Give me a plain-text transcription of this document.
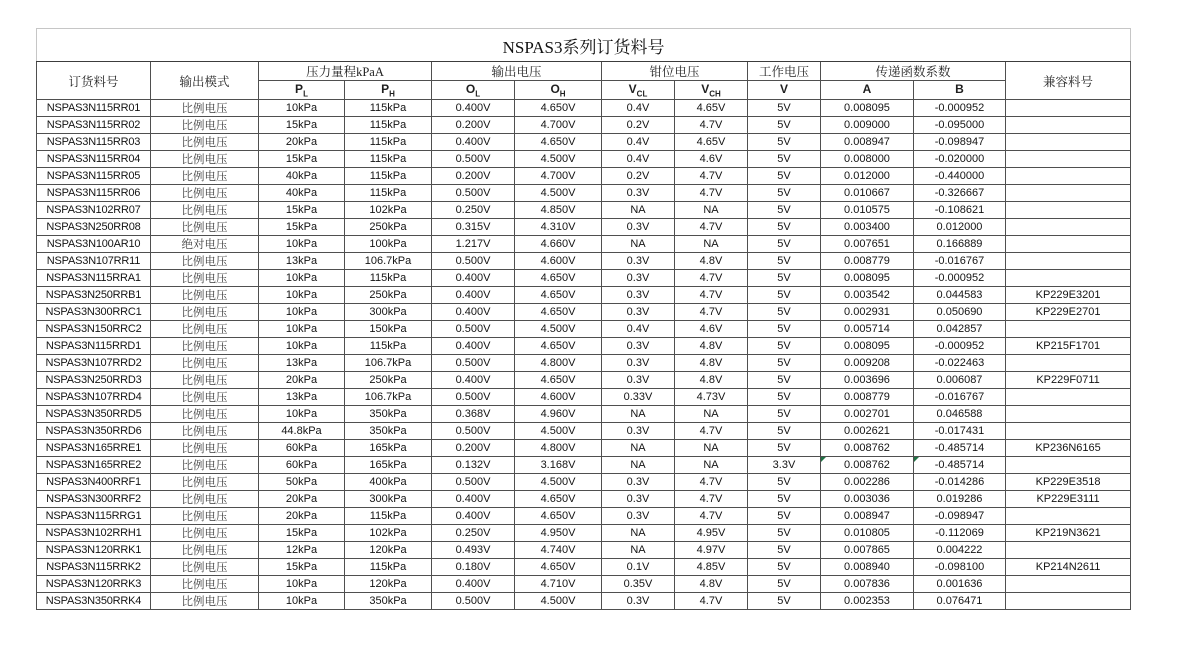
NSPAS3系列订货料号											
订货料号	输出模式	压力量程kPaA		输出电压		钳位电压		工作电压	传递函数系数		兼容料号
		$P_L$	$P_H$	$O_L$	$O_H$	$V_{CL}$	$V_{CH}$	V	A	B	
NSPAS3N115RR01	比例电压	10kPa	115kPa	0.400V	4.650V	0.4V	4.65V	5V	0.008095	-0.000952	
NSPAS3N115RR02	比例电压	15kPa	115kPa	0.200V	4.700V	0.2V	4.7V	5V	0.009000	-0.095000	
NSPAS3N115RR03	比例电压	20kPa	115kPa	0.400V	4.650V	0.4V	4.65V	5V	0.008947	-0.098947	
NSPAS3N115RR04	比例电压	15kPa	115kPa	0.500V	4.500V	0.4V	4.6V	5V	0.008000	-0.020000	
NSPAS3N115RR05	比例电压	40kPa	115kPa	0.200V	4.700V	0.2V	4.7V	5V	0.012000	-0.440000	
NSPAS3N115RR06	比例电压	40kPa	115kPa	0.500V	4.500V	0.3V	4.7V	5V	0.010667	-0.326667	
NSPAS3N102RR07	比例电压	15kPa	102kPa	0.250V	4.850V	NA	NA	5V	0.010575	-0.108621	
NSPAS3N250RR08	比例电压	15kPa	250kPa	0.315V	4.310V	0.3V	4.7V	5V	0.003400	0.012000	
NSPAS3N100AR10	绝对电压	10kPa	100kPa	1.217V	4.660V	NA	NA	5V	0.007651	0.166889	
NSPAS3N107RR11	比例电压	13kPa	106.7kPa	0.500V	4.600V	0.3V	4.8V	5V	0.008779	-0.016767	
NSPAS3N115RRA1	比例电压	10kPa	115kPa	0.400V	4.650V	0.3V	4.7V	5V	0.008095	-0.000952	
NSPAS3N250RRB1	比例电压	10kPa	250kPa	0.400V	4.650V	0.3V	4.7V	5V	0.003542	0.044583	KP229E3201
NSPAS3N300RRC1	比例电压	10kPa	300kPa	0.400V	4.650V	0.3V	4.7V	5V	0.002931	0.050690	KP229E2701
NSPAS3N150RRC2	比例电压	10kPa	150kPa	0.500V	4.500V	0.4V	4.6V	5V	0.005714	0.042857	
NSPAS3N115RRD1	比例电压	10kPa	115kPa	0.400V	4.650V	0.3V	4.8V	5V	0.008095	-0.000952	KP215F1701
NSPAS3N107RRD2	比例电压	13kPa	106.7kPa	0.500V	4.800V	0.3V	4.8V	5V	0.009208	-0.022463	
NSPAS3N250RRD3	比例电压	20kPa	250kPa	0.400V	4.650V	0.3V	4.8V	5V	0.003696	0.006087	KP229F0711
NSPAS3N107RRD4	比例电压	13kPa	106.7kPa	0.500V	4.600V	0.33V	4.73V	5V	0.008779	-0.016767	
NSPAS3N350RRD5	比例电压	10kPa	350kPa	0.368V	4.960V	NA	NA	5V	0.002701	0.046588	
NSPAS3N350RRD6	比例电压	44.8kPa	350kPa	0.500V	4.500V	0.3V	4.7V	5V	0.002621	-0.017431	
NSPAS3N165RRE1	比例电压	60kPa	165kPa	0.200V	4.800V	NA	NA	5V	0.008762	-0.485714	KP236N6165
NSPAS3N165RRE2	比例电压	60kPa	165kPa	0.132V	3.168V	NA	NA	3.3V	0.008762	-0.485714	
NSPAS3N400RRF1	比例电压	50kPa	400kPa	0.500V	4.500V	0.3V	4.7V	5V	0.002286	-0.014286	KP229E3518
NSPAS3N300RRF2	比例电压	20kPa	300kPa	0.400V	4.650V	0.3V	4.7V	5V	0.003036	0.019286	KP229E3111
NSPAS3N115RRG1	比例电压	20kPa	115kPa	0.400V	4.650V	0.3V	4.7V	5V	0.008947	-0.098947	
NSPAS3N102RRH1	比例电压	15kPa	102kPa	0.250V	4.950V	NA	4.95V	5V	0.010805	-0.112069	KP219N3621
NSPAS3N120RRK1	比例电压	12kPa	120kPa	0.493V	4.740V	NA	4.97V	5V	0.007865	0.004222	
NSPAS3N115RRK2	比例电压	15kPa	115kPa	0.180V	4.650V	0.1V	4.85V	5V	0.008940	-0.098100	KP214N2611
NSPAS3N120RRK3	比例电压	10kPa	120kPa	0.400V	4.710V	0.35V	4.8V	5V	0.007836	0.001636	
NSPAS3N350RRK4	比例电压	10kPa	350kPa	0.500V	4.500V	0.3V	4.7V	5V	0.002353	0.076471	
